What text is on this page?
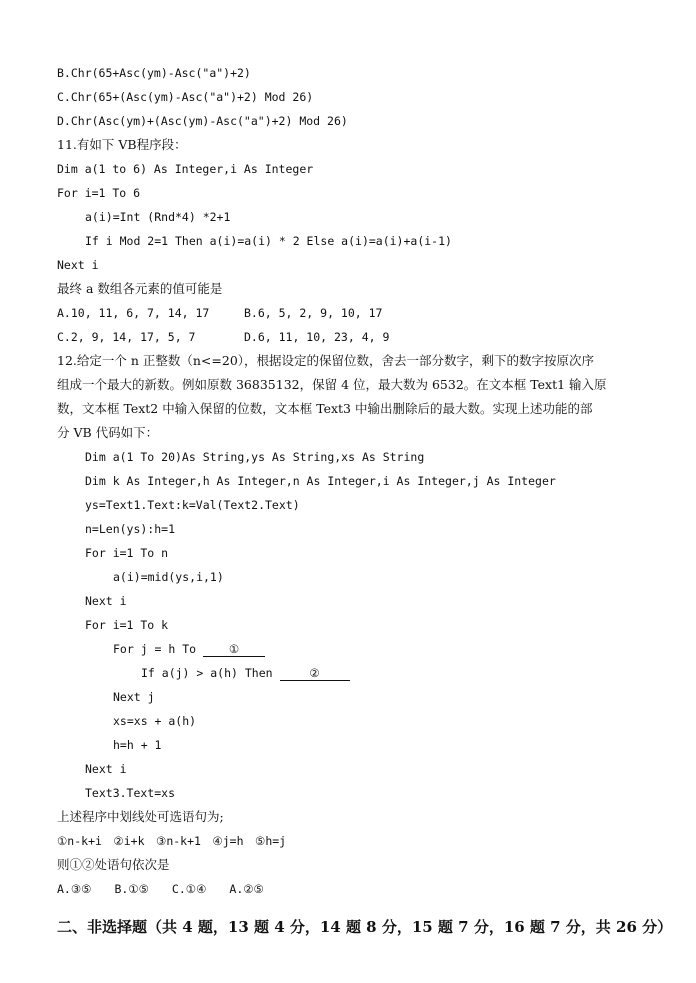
B.Chr(65+Asc(ym)-Asc("a")+2)
C.Chr(65+(Asc(ym)-Asc("a")+2) Mod 26)
D.Chr(Asc(ym)+(Asc(ym)-Asc("a")+2) Mod 26)
11.有如下 VB程序段：
Dim a(1 to 6) As Integer,i As Integer
For i=1 To 6
a(i)=Int (Rnd*4) *2+1
If i Mod 2=1 Then a(i)=a(i) * 2 Else a(i)=a(i)+a(i-1)
Next i
最终 a 数组各元素的值可能是
A.10, 11, 6, 7, 14, 17	B.6, 5, 2, 9, 10, 17
C.2, 9, 14, 17, 5, 7	D.6, 11, 10, 23, 4, 9
12.给定一个 n 正整数（n<=20），根据设定的保留位数，舍去一部分数字，剩下的数字按原次序
组成一个最大的新数。例如原数 36835132，保留 4 位，最大数为 6532。在文本框 Text1 输入原
数，文本框 Text2 中输入保留的位数，文本框 Text3 中输出删除后的最大数。实现上述功能的部
分 VB 代码如下：
Dim a(1 To 20)As String,ys As String,xs As String
Dim k As Integer,h As Integer,n As Integer,i As Integer,j As Integer
ys=Text1.Text:k=Val(Text2.Text)
n=Len(ys):h=1
For i=1 To n
a(i)=mid(ys,i,1)
Next i
For i=1 To k
For j = h To	①
If a(j) > a(h) Then	②
Next j
xs=xs + a(h)
h=h + 1
Next i
Text3.Text=xs
上述程序中划线处可选语句为;
①n-k+i　②i+k　③n-k+1　④j=h　⑤h=j
则①②处语句依次是
A.③⑤　　B.①⑤　　C.①④　　A.②⑤
二、非选择题（共 4 题，13 题 4 分，14 题 8 分，15 题 7 分，16 题 7 分，共 26 分）
